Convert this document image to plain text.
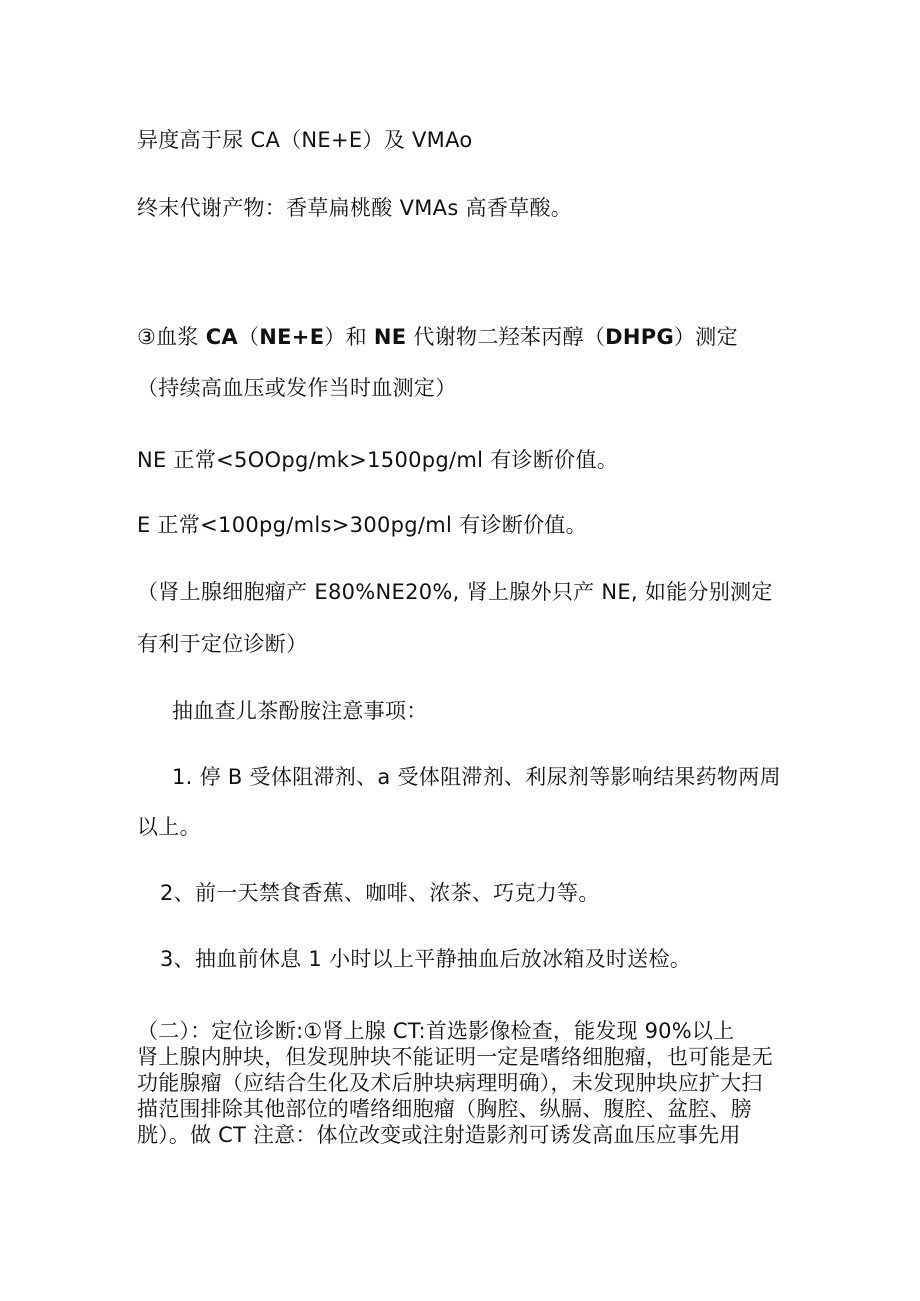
异度高于尿 CA（NE+E）及 VMAo
终末代谢产物：香草扁桃酸 VMAs 高香草酸。
③血浆 CA（NE+E）和 NE 代谢物二羟苯丙醇（DHPG）测定
（持续高血压或发作当时血测定）
NE 正常<5OOpg∕mk>1500pg∕ml 有诊断价值。
E 正常<100pg∕mls>300pg∕ml 有诊断价值。
（肾上腺细胞瘤产 E80%NE20%, 肾上腺外只产 NE, 如能分别测定
有利于定位诊断）
抽血查儿茶酚胺注意事项：
1. 停 B 受体阻滞剂、a 受体阻滞剂、利尿剂等影响结果药物两周
以上。
2、前一天禁食香蕉、咖啡、浓茶、巧克力等。
3、抽血前休息 1 小时以上平静抽血后放冰箱及时送检。
（二）：定位诊断:①肾上腺 CT:首选影像检查，能发现 90%以上
肾上腺内肿块，但发现肿块不能证明一定是嗜络细胞瘤，也可能是无
功能腺瘤（应结合生化及术后肿块病理明确），未发现肿块应扩大扫
描范围排除其他部位的嗜络细胞瘤（胸腔、纵膈、腹腔、盆腔、膀
胱）。做 CT 注意：体位改变或注射造影剂可诱发高血压应事先用
